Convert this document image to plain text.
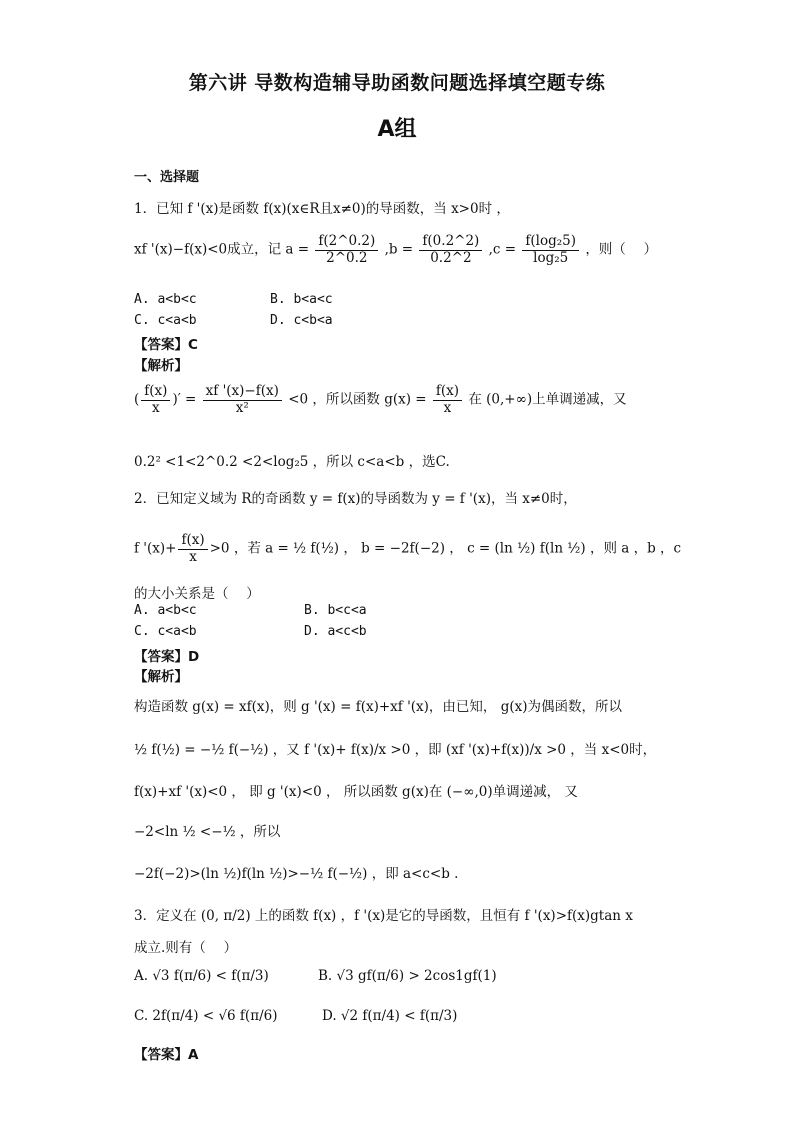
第六讲 导数构造辅导助函数问题选择填空题专练
A组
一、选择题
1．已知 f '(x)是函数 f(x)(x∈R且x≠0)的导函数，当 x>0时 ，
xf '(x)−f(x)<0成立，记 $a = \frac{f(2\^{}0.2)}{2\^{}0.2} ,b = \frac{f(0.2\^{}2)}{0.2\^{}2} ,c = \frac{\text{f(log₂5)}}{\text{log₂5}}$ ，则（　 ）
A. a<b<c	B. b<a<c
C. c<a<b	D. c<b<a
【答案】C
【解析】
( $\frac{f(x)}{x}$ )′ = $\frac{xf '(x)-f(x)}{\text{x²}} <0$ ，所以函数 $g(x) = \frac{f(x)}{x}$ 在 (0,+∞)上单调递减，又
0.2² <1<2^0.2 <2<log₂5 ，所以 c<a<b ，选C.
2．已知定义域为 R的奇函数 y = f(x)的导函数为 y = f '(x)，当 x≠0时，
f '$(x)+ \frac{f(x)}{x} >0$ ，若 a = ½ f(½) ， b = −2f(−2) ， c = (ln ½) f(ln ½) ，则 a ，b ，c
的大小关系是（　 ）
A. a<b<c	B. b<c<a
C. c<a<b	D. a<c<b
【答案】D
【解析】
构造函数 g(x) = xf(x)，则 g '(x) = f(x)+xf '(x)，由已知， g(x)为偶函数，所以
½ f(½) = −½ f(−½) ，又 f '(x)+ f(x)/x >0 ，即 (xf '(x)+f(x))/x >0 ，当 x<0时，
f(x)+xf '(x)<0 ， 即 g '(x)<0 ， 所以函数 g(x)在 (−∞,0)单调递减， 又
−2<ln ½ <−½ ，所以
−2f(−2)>(ln ½)f(ln ½)>−½ f(−½) ，即 a<c<b .
3．定义在 (0, π/2) 上的函数 f(x) ，f '(x)是它的导函数，且恒有 f '(x)>f(x)gtan x
成立.则有（　 ）
A. √3 f(π/6) < f(π/3)	B. √3 gf(π/6) > 2cos1gf(1)
C. 2f(π/4) < √6 f(π/6)	D. √2 f(π/4) < f(π/3)
【答案】A
